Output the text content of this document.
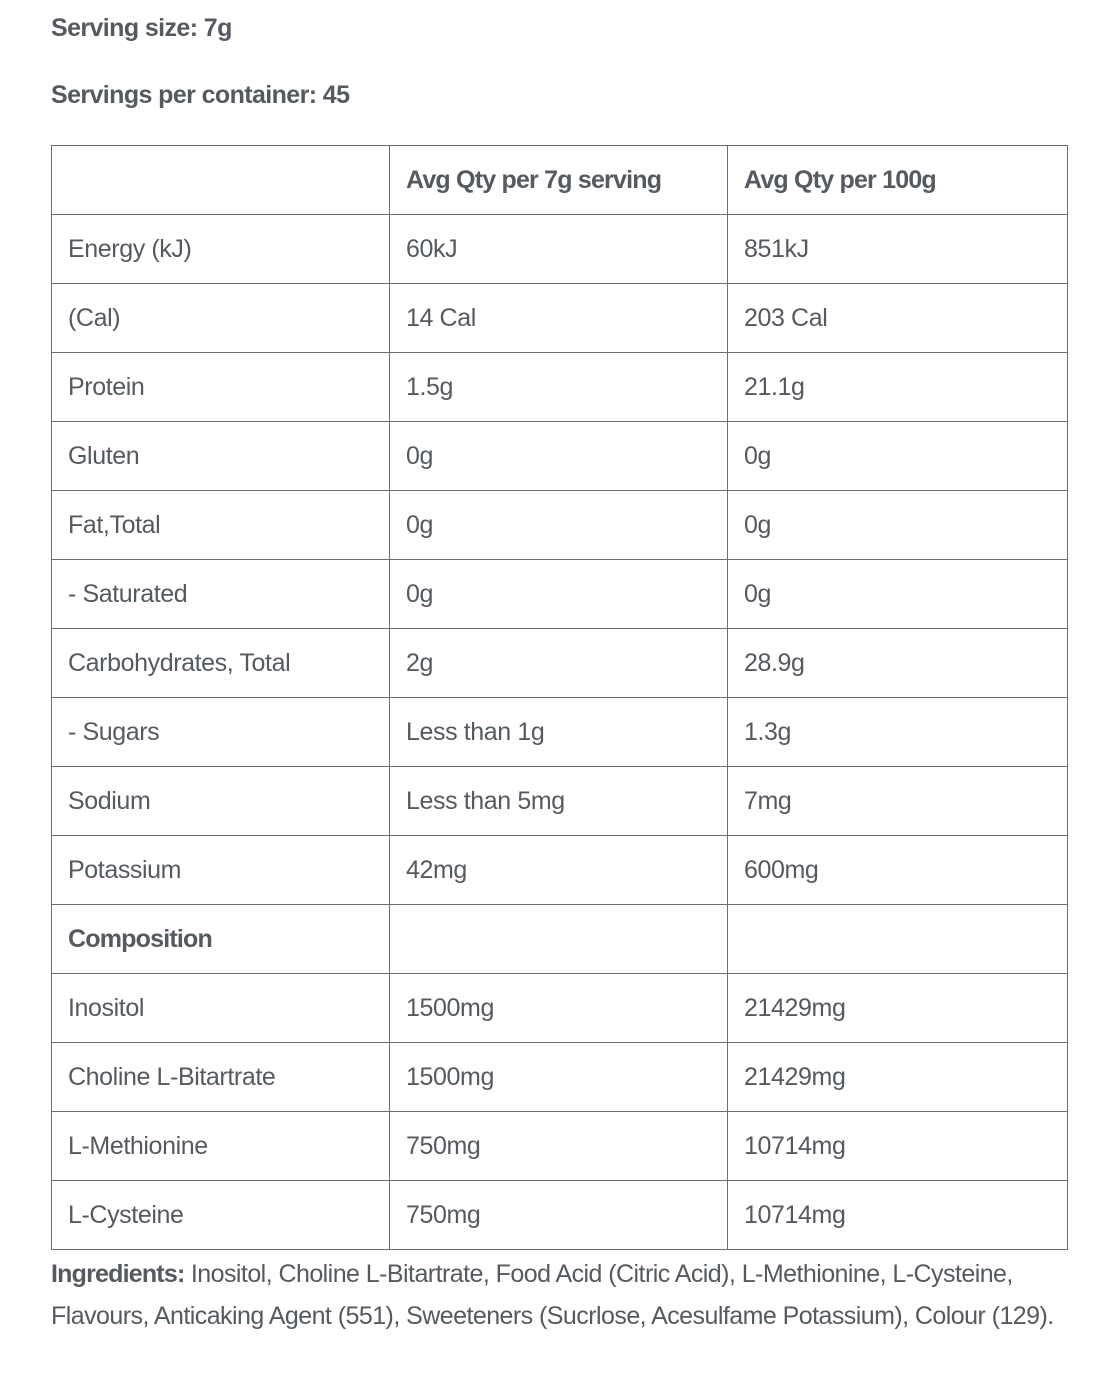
Serving size: 7g
Servings per container: 45
	Avg Qty per 7g serving	Avg Qty per 100g
Energy (kJ)	60kJ	851kJ
(Cal)	14 Cal	203 Cal
Protein	1.5g	21.1g
Gluten	0g	0g
Fat,Total	0g	0g
- Saturated	0g	0g
Carbohydrates, Total	2g	28.9g
- Sugars	Less than 1g	1.3g
Sodium	Less than 5mg	7mg
Potassium	42mg	600mg
Composition		
Inositol	1500mg	21429mg
Choline L-Bitartrate	1500mg	21429mg
L-Methionine	750mg	10714mg
L-Cysteine	750mg	10714mg
Ingredients: Inositol, Choline L-Bitartrate, Food Acid (Citric Acid), L-Methionine, L-Cysteine, Flavours, Anticaking Agent (551), Sweeteners (Sucrlose, Acesulfame Potassium), Colour (129).
